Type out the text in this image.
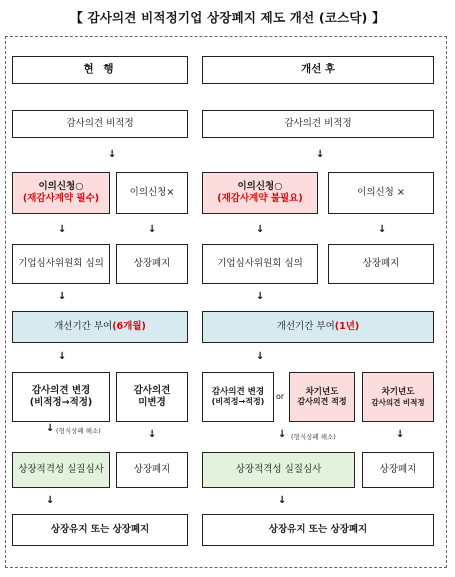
【 감사의견 비적정기업 상장폐지 제도 개선 (코스닥) 】
현 행	개선 후
감사의견 비적정	감사의견 비적정
↓	↓
이의신청○
(재감사계약 필수)
이의신청×
이의신청○
(재감사계약 불필요)
이의신청 ×
↓	↓	↓	↓
기업심사위원회 심의	상장폐지	기업심사위원회 심의	상장폐지
↓	↓
개선기간 부여 (6개월)	개선기간 부여 (1년)
↓	↓
감사의견 변경
(비적정→적정)
감사의견
미변경
감사의견 변경
(비적정→적정)
or	차기년도
감사의견 적정
차기년도
감사의견 비적정
↓ (형식상폐 해소)	↓	↓ (형식상폐 해소)	↓
상장적격성 실질심사	상장폐지	상장적격성 실질심사	상장폐지
↓	↓
상장유지 또는 상장폐지	상장유지 또는 상장폐지
